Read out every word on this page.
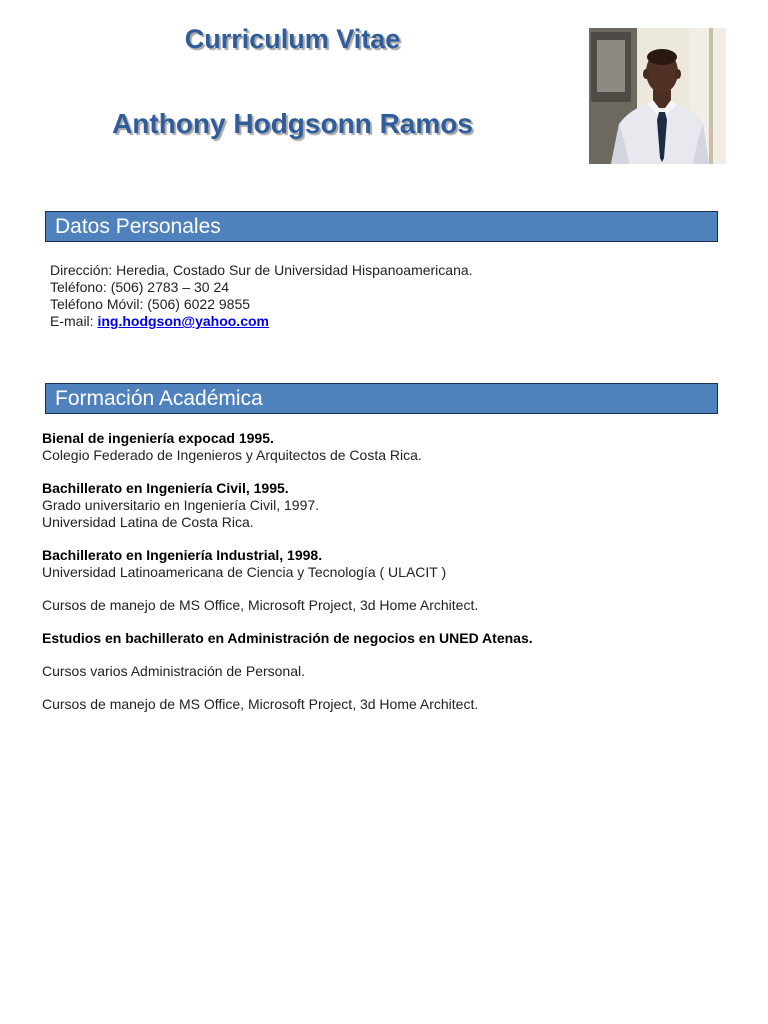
Curriculum Vitae
Anthony Hodgsonn Ramos
Datos Personales
Dirección: Heredia, Costado Sur de Universidad Hispanoamericana.
Teléfono: (506) 2783 – 30 24
Teléfono Móvil: (506) 6022 9855
E-mail: ing.hodgson@yahoo.com
Formación Académica
Bienal de ingeniería expocad 1995.
Colegio Federado de Ingenieros y Arquitectos de Costa Rica.
Bachillerato en Ingeniería Civil, 1995.
Grado universitario en Ingeniería Civil, 1997.
Universidad Latina de Costa Rica.
Bachillerato en Ingeniería Industrial, 1998.
Universidad Latinoamericana de Ciencia y Tecnología ( ULACIT )
Cursos de manejo de MS Office, Microsoft Project, 3d Home Architect.
Estudios en bachillerato en Administración de negocios en UNED Atenas.
Cursos varios Administración de Personal.
Cursos de manejo de MS Office, Microsoft Project, 3d Home Architect.
